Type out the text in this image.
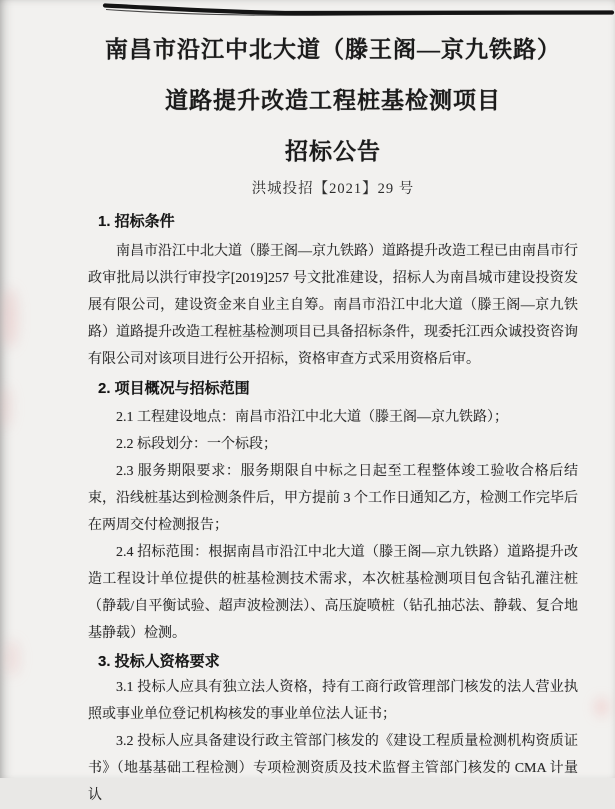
南昌市沿江中北大道（滕王阁—京九铁路）
道路提升改造工程桩基检测项目
招标公告
洪城投招【2021】29 号
1. 招标条件

南昌市沿江中北大道（滕王阁—京九铁路）道路提升改造工程已由南昌市行政审批局以洪行审投字[2019]257 号文批准建设，招标人为南昌城市建设投资发展有限公司，建设资金来自业主自筹。南昌市沿江中北大道（滕王阁—京九铁路）道路提升改造工程桩基检测项目已具备招标条件，现委托江西众诚投资咨询有限公司对该项目进行公开招标，资格审查方式采用资格后审。

2. 项目概况与招标范围

2.1 工程建设地点：南昌市沿江中北大道（滕王阁—京九铁路）；

2.2 标段划分：一个标段；

2.3 服务期限要求：服务期限自中标之日起至工程整体竣工验收合格后结束，沿线桩基达到检测条件后，甲方提前 3 个工作日通知乙方，检测工作完毕后在两周交付检测报告；

2.4 招标范围：根据南昌市沿江中北大道（滕王阁—京九铁路）道路提升改造工程设计单位提供的桩基检测技术需求，本次桩基检测项目包含钻孔灌注桩（静载/自平衡试验、超声波检测法）、高压旋喷桩（钻孔抽芯法、静载、复合地基静载）检测。

3. 投标人资格要求

3.1 投标人应具有独立法人资格，持有工商行政管理部门核发的法人营业执照或事业单位登记机构核发的事业单位法人证书；

3.2 投标人应具备建设行政主管部门核发的《建设工程质量检测机构资质证书》（地基基础工程检测）专项检测资质及技术监督主管部门核发的 CMA 计量认
